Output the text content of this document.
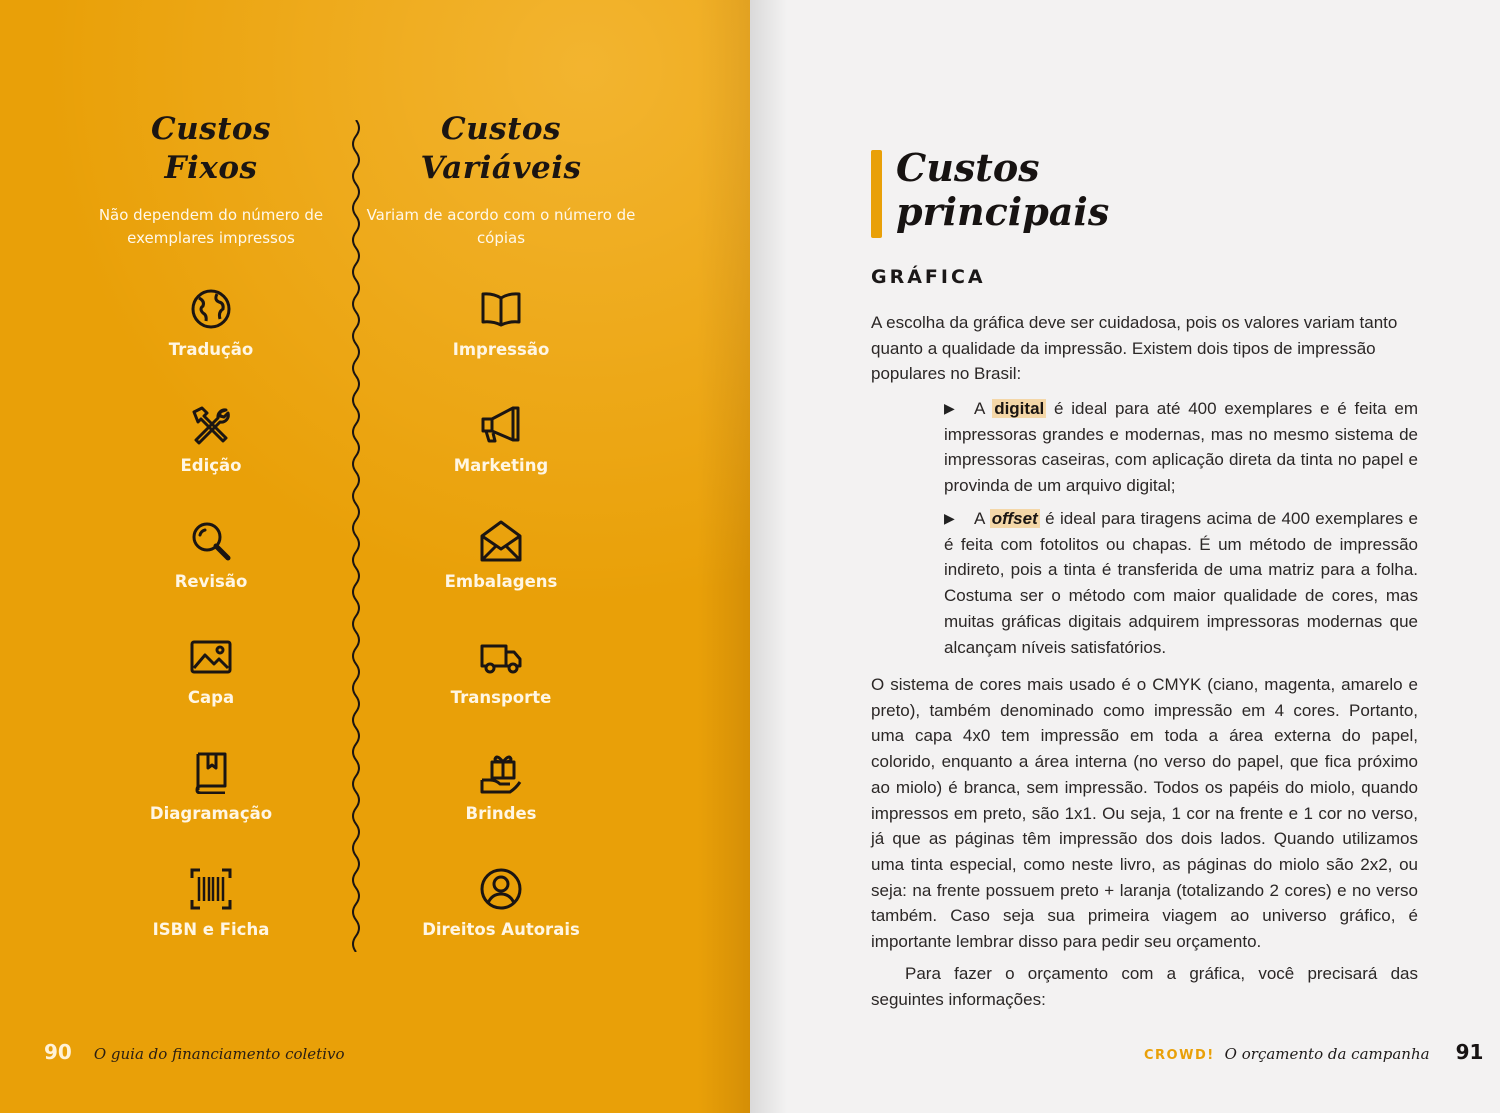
Custos
Fixos
Não dependem do número de exemplares impressos
Tradução
Edição
Revisão
Capa
Diagramação
ISBN e Ficha
Custos
Variáveis
Variam de acordo com o número de cópias
Impressão
Marketing
Embalagens
Transporte
Brindes
Direitos Autorais
90 O guia do financiamento coletivo
Custos
principais
GRÁFICA

A escolha da gráfica deve ser cuidadosa, pois os valores variam tanto quanto a qualidade da impressão. Existem dois tipos de impressão populares no Brasil:

▶	A digital é ideal para até 400 exemplares e é feita em impressoras grandes e modernas, mas no mesmo sistema de impressoras caseiras, com aplicação direta da tinta no papel e provinda de um arquivo digital;

▶	A offset é ideal para tiragens acima de 400 exemplares e é feita com fotolitos ou chapas. É um método de impressão indireto, pois a tinta é transferida de uma matriz para a folha. Costuma ser o método com maior qualidade de cores, mas muitas gráficas digitais adquirem impressoras modernas que alcançam níveis satisfatórios.

O sistema de cores mais usado é o CMYK (ciano, magenta, amarelo e preto), também denominado como impressão em 4 cores. Portanto, uma capa 4x0 tem impressão em toda a área externa do papel, colorido, enquanto a área interna (no verso do papel, que fica próximo ao miolo) é branca, sem impressão. Todos os papéis do miolo, quando impressos em preto, são 1x1. Ou seja, 1 cor na frente e 1 cor no verso, já que as páginas têm impressão dos dois lados. Quando utilizamos uma tinta especial, como neste livro, as páginas do miolo são 2x2, ou seja: na frente possuem preto + laranja (totalizando 2 cores) e no verso também. Caso seja sua primeira viagem ao universo gráfico, é importante lembrar disso para pedir seu orçamento.

Para fazer o orçamento com a gráfica, você precisará das seguintes informações:

CROWD! O orçamento da campanha 91
